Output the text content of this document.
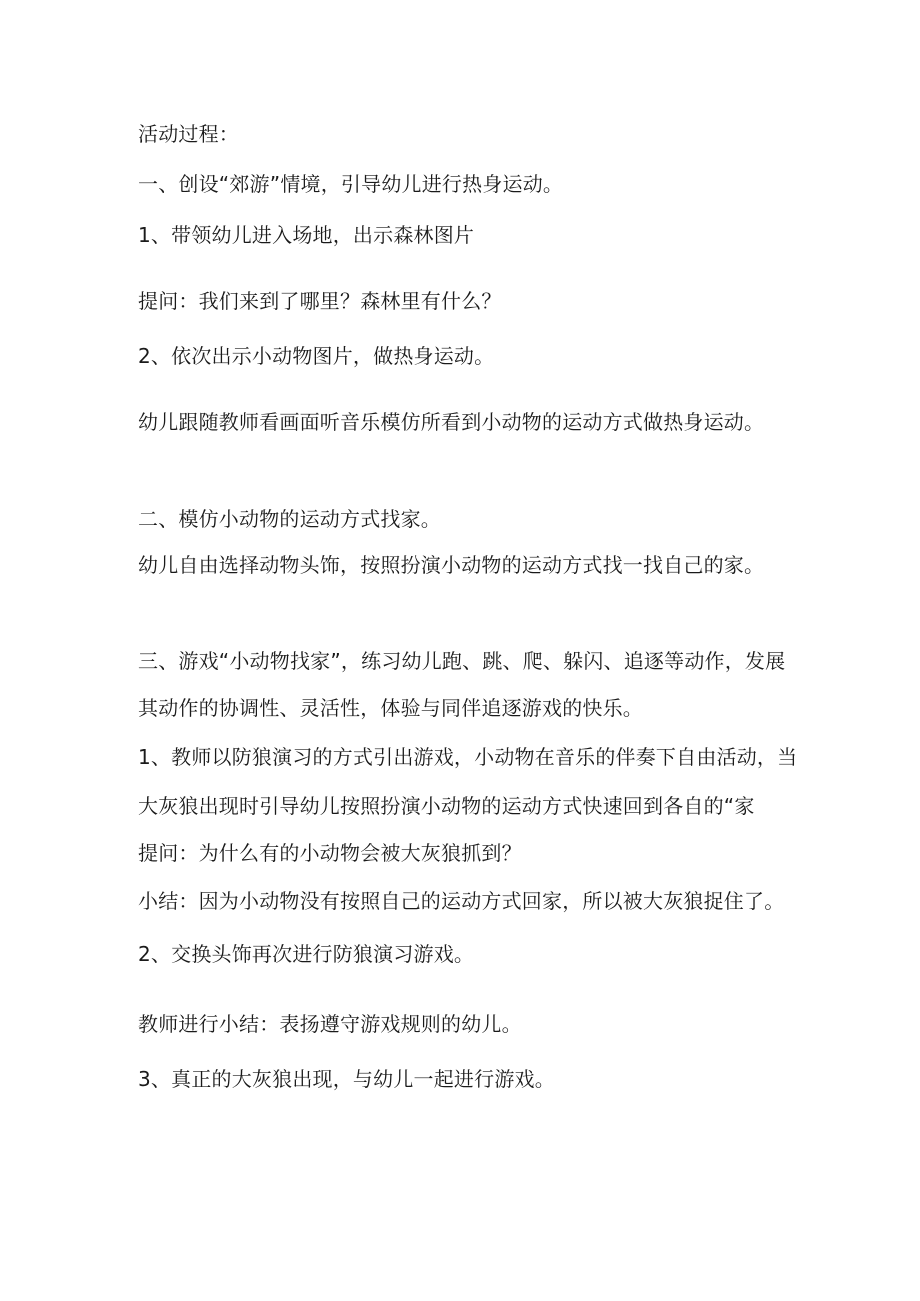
活动过程：
一、创设“郊游”情境，引导幼儿进行热身运动。
1、带领幼儿进入场地，出示森林图片
提问：我们来到了哪里？森林里有什么？
2、依次出示小动物图片，做热身运动。
幼儿跟随教师看画面听音乐模仿所看到小动物的运动方式做热身运动。
二、模仿小动物的运动方式找家。
幼儿自由选择动物头饰，按照扮演小动物的运动方式找一找自己的家。
三、游戏“小动物找家”，练习幼儿跑、跳、爬、躲闪、追逐等动作，发展
其动作的协调性、灵活性，体验与同伴追逐游戏的快乐。
1、教师以防狼演习的方式引出游戏，小动物在音乐的伴奏下自由活动，当
大灰狼出现时引导幼儿按照扮演小动物的运动方式快速回到各自的“家
提问：为什么有的小动物会被大灰狼抓到？
小结：因为小动物没有按照自己的运动方式回家，所以被大灰狼捉住了。
2、交换头饰再次进行防狼演习游戏。
教师进行小结：表扬遵守游戏规则的幼儿。
3、真正的大灰狼出现，与幼儿一起进行游戏。
